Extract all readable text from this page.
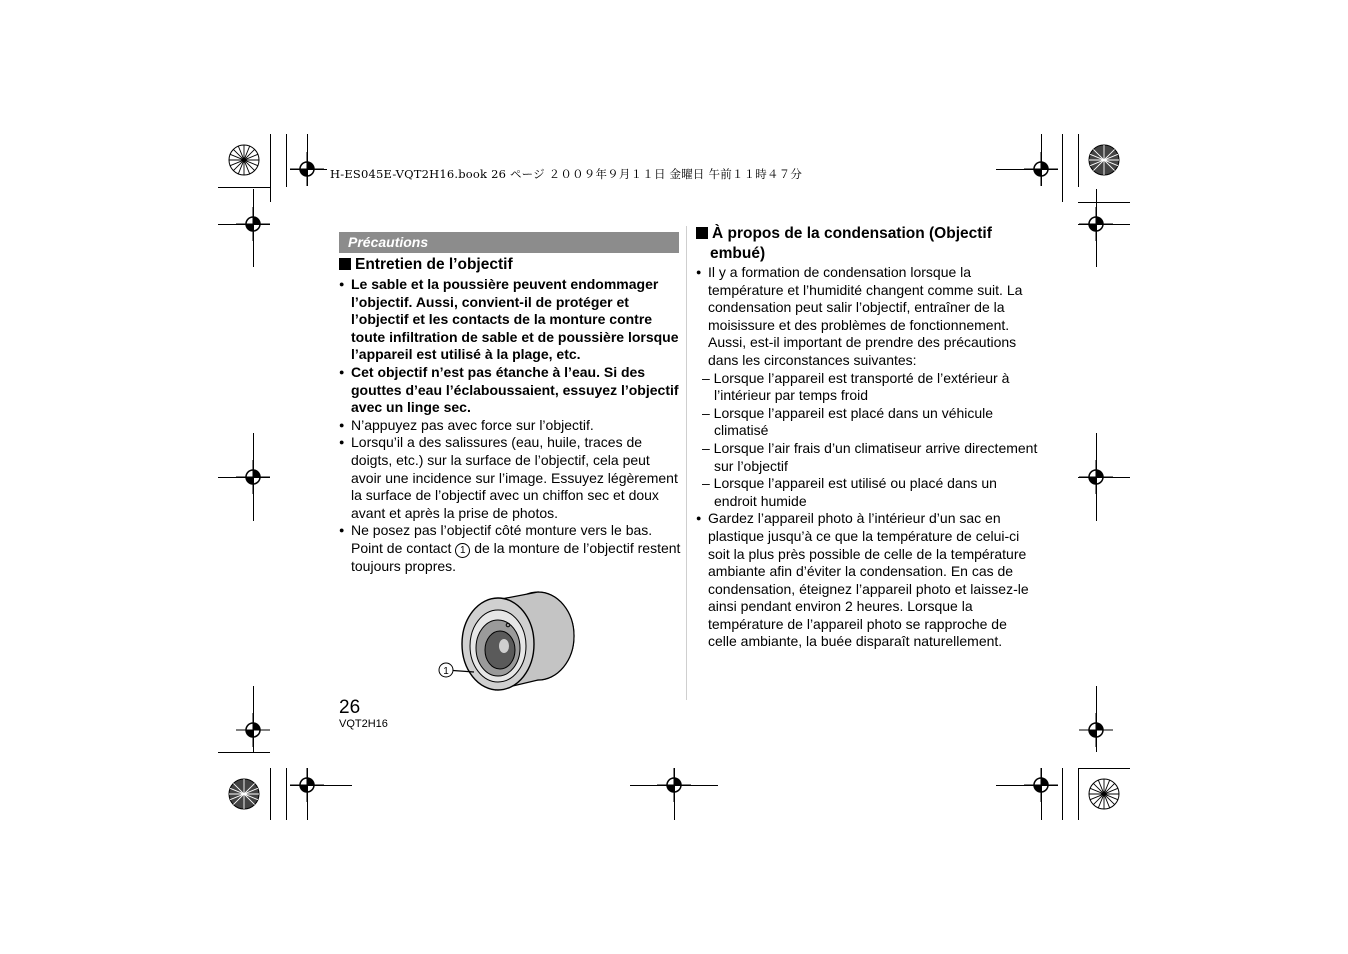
H-ES045E-VQT2H16.book 26 ページ ２００９年９月１１日 金曜日 午前１１時４７分
Précautions
Entretien de l’objectif
● Le sable et la poussière peuvent endommager l’objectif. Aussi, convient-il de protéger et l’objectif et les contacts de la monture contre toute infiltration de sable et de poussière lorsque l’appareil est utilisé à la plage, etc.
● Cet objectif n’est pas étanche à l’eau. Si des gouttes d’eau l’éclaboussaient, essuyez l’objectif avec un linge sec.
● N’appuyez pas avec force sur l’objectif.
● Lorsqu’il a des salissures (eau, huile, traces de doigts, etc.) sur la surface de l’objectif, cela peut avoir une incidence sur l’image. Essuyez légèrement la surface de l’objectif avec un chiffon sec et doux avant et après la prise de photos.
● Ne posez pas l’objectif côté monture vers le bas. Point de contact 1 de la monture de l’objectif restent toujours propres.
1
À propos de la condensation (Objectif embué)
● Il y a formation de condensation lorsque la température et l’humidité changent comme suit. La condensation peut salir l’objectif, entraîner de la moisissure et des problèmes de fonctionnement. Aussi, est-il important de prendre des précautions dans les circonstances suivantes:
– Lorsque l’appareil est transporté de l’extérieur à l’intérieur par temps froid
– Lorsque l’appareil est placé dans un véhicule climatisé
– Lorsque l’air frais d’un climatiseur arrive directement sur l’objectif
– Lorsque l’appareil est utilisé ou placé dans un endroit humide
● Gardez l’appareil photo à l’intérieur d’un sac en plastique jusqu’à ce que la température de celui-ci soit la plus près possible de celle de la température ambiante afin d’éviter la condensation. En cas de condensation, éteignez l’appareil photo et laissez-le ainsi pendant environ 2 heures. Lorsque la température de l’appareil photo se rapproche de celle ambiante, la buée disparaît naturellement.
26
VQT2H16
